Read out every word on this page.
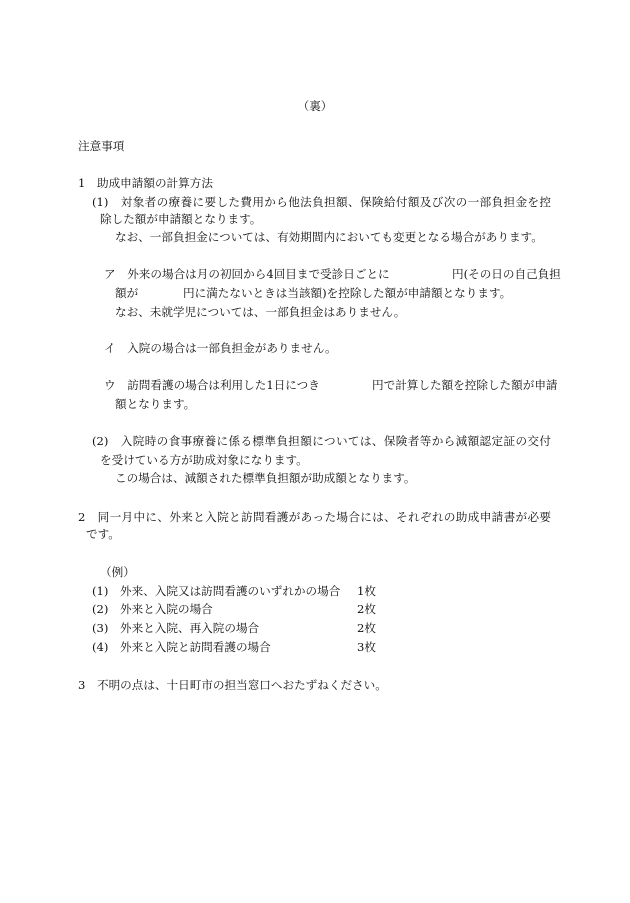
（裏）
注意事項
1　助成申請額の計算方法
(1)　対象者の療養に要した費用から他法負担額、保険給付額及び次の一部負担金を控
除した額が申請額となります。
なお、一部負担金については、有効期間内においても変更となる場合があります。
ア　外来の場合は月の初回から4回目まで受診日ごとに	円(その日の自己負担
額が	円に満たないときは当該額)を控除した額が申請額となります。
なお、未就学児については、一部負担金はありません。
イ　入院の場合は一部負担金がありません。
ウ　訪問看護の場合は利用した1日につき	円で計算した額を控除した額が申請
額となります。
(2)　入院時の食事療養に係る標準負担額については、保険者等から減額認定証の交付
を受けている方が助成対象になります。
この場合は、減額された標準負担額が助成額となります。
2　同一月中に、外来と入院と訪問看護があった場合には、それぞれの助成申請書が必要
です。
（例）
(1)　外来、入院又は訪問看護のいずれかの場合 1枚
(2)　外来と入院の場合	2枚
(3)　外来と入院、再入院の場合	2枚
(4)　外来と入院と訪問看護の場合	3枚
3　不明の点は、十日町市の担当窓口へおたずねください。
